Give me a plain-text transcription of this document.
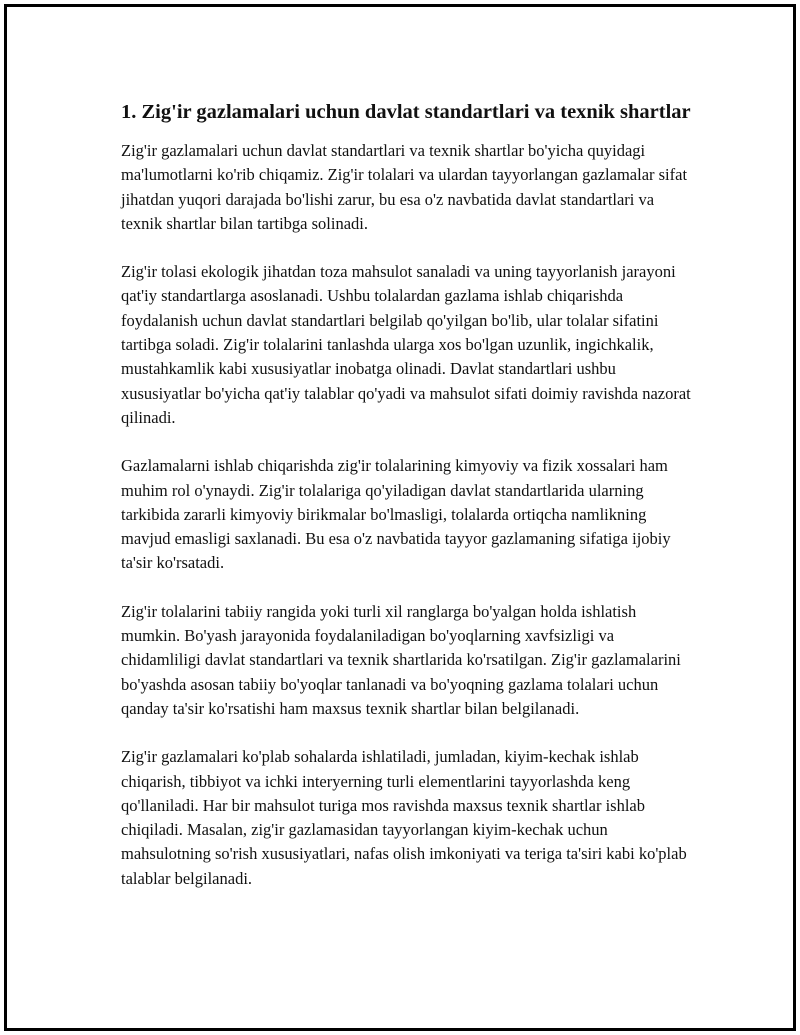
1. Zig'ir gazlamalari uchun davlat standartlari va texnik shartlar

Zig'ir gazlamalari uchun davlat standartlari va texnik shartlar bo'yicha quyidagi ma'lumotlarni ko'rib chiqamiz. Zig'ir tolalari va ulardan tayyorlangan gazlamalar sifat jihatdan yuqori darajada bo'lishi zarur, bu esa o'z navbatida davlat standartlari va texnik shartlar bilan tartibga solinadi.

Zig'ir tolasi ekologik jihatdan toza mahsulot sanaladi va uning tayyorlanish jarayoni qat'iy standartlarga asoslanadi. Ushbu tolalardan gazlama ishlab chiqarishda foydalanish uchun davlat standartlari belgilab qo'yilgan bo'lib, ular tolalar sifatini tartibga soladi. Zig'ir tolalarini tanlashda ularga xos bo'lgan uzunlik, ingichkalik, mustahkamlik kabi xususiyatlar inobatga olinadi. Davlat standartlari ushbu xususiyatlar bo'yicha qat'iy talablar qo'yadi va mahsulot sifati doimiy ravishda nazorat qilinadi.

Gazlamalarni ishlab chiqarishda zig'ir tolalarining kimyoviy va fizik xossalari ham muhim rol o'ynaydi. Zig'ir tolalariga qo'yiladigan davlat standartlarida ularning tarkibida zararli kimyoviy birikmalar bo'lmasligi, tolalarda ortiqcha namlikning mavjud emasligi saxlanadi. Bu esa o'z navbatida tayyor gazlamaning sifatiga ijobiy ta'sir ko'rsatadi.

Zig'ir tolalarini tabiiy rangida yoki turli xil ranglarga bo'yalgan holda ishlatish mumkin. Bo'yash jarayonida foydalaniladigan bo'yoqlarning xavfsizligi va chidamliligi davlat standartlari va texnik shartlarida ko'rsatilgan. Zig'ir gazlamalarini bo'yashda asosan tabiiy bo'yoqlar tanlanadi va bo'yoqning gazlama tolalari uchun qanday ta'sir ko'rsatishi ham maxsus texnik shartlar bilan belgilanadi.

Zig'ir gazlamalari ko'plab sohalarda ishlatiladi, jumladan, kiyim-kechak ishlab chiqarish, tibbiyot va ichki interyerning turli elementlarini tayyorlashda keng qo'llaniladi. Har bir mahsulot turiga mos ravishda maxsus texnik shartlar ishlab chiqiladi. Masalan, zig'ir gazlamasidan tayyorlangan kiyim-kechak uchun mahsulotning so'rish xususiyatlari, nafas olish imkoniyati va teriga ta'siri kabi ko'plab talablar belgilanadi.
